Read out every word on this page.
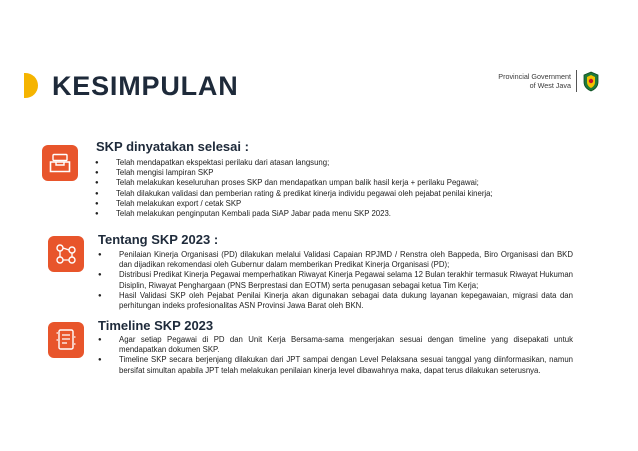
KESIMPULAN	Provincial Government
of West Java
SKP dinyatakan selesai :
● Telah mendapatkan ekspektasi perilaku dari atasan langsung;
● Telah mengisi lampiran SKP
● Telah melakukan keseluruhan proses SKP dan mendapatkan umpan balik hasil kerja + perilaku Pegawai;
● Telah dilakukan validasi dan pemberian rating & predikat kinerja individu pegawai oleh pejabat penilai kinerja;
● Telah melakukan export / cetak SKP
● Telah melakukan penginputan Kembali pada SiAP Jabar pada menu SKP 2023.
Tentang SKP 2023 :
● Penilaian Kinerja Organisasi (PD) dilakukan melalui Validasi Capaian RPJMD / Renstra oleh Bappeda, Biro Organisasi dan BKD dan dijadikan rekomendasi oleh Gubernur dalam memberikan Predikat Kinerja Organisasi (PD);
● Distribusi Predikat Kinerja Pegawai memperhatikan Riwayat Kinerja Pegawai selama 12 Bulan terakhir termasuk Riwayat Hukuman Disiplin, Riwayat Penghargaan (PNS Berprestasi dan EOTM) serta penugasan sebagai ketua Tim Kerja;
● Hasil Validasi SKP oleh Pejabat Penilai Kinerja akan digunakan sebagai data dukung layanan kepegawaian, migrasi data dan perhitungan indeks profesionalitas ASN Provinsi Jawa Barat oleh BKN.
Timeline SKP 2023
● Agar setiap Pegawai di PD dan Unit Kerja Bersama-sama mengerjakan sesuai dengan timeline yang disepakati untuk mendapatkan dokumen SKP.
● Timeline SKP secara berjenjang dilakukan dari JPT sampai dengan Level Pelaksana sesuai tanggal yang diinformasikan, namun bersifat simultan apabila JPT telah melakukan penilaian kinerja level dibawahnya maka, dapat terus dilakukan seterusnya.
